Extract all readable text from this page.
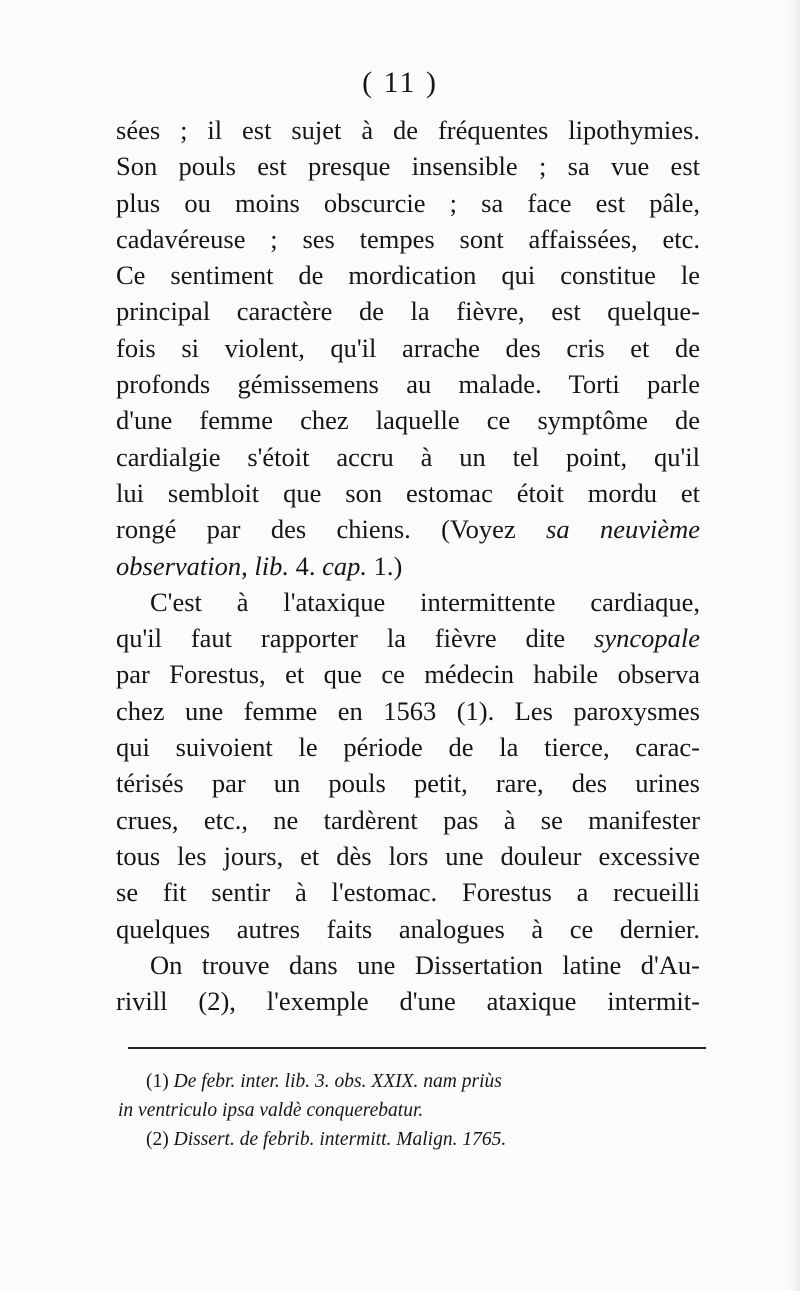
( 11 )
sées ; il est sujet à de fréquentes lipothymies.
Son pouls est presque insensible ; sa vue est
plus ou moins obscurcie ; sa face est pâle,
cadavéreuse ; ses tempes sont affaissées, etc.
Ce sentiment de mordication qui constitue le
principal caractère de la fièvre, est quelque-
fois si violent, qu'il arrache des cris et de
profonds gémissemens au malade. Torti parle
d'une femme chez laquelle ce symptôme de
cardialgie s'étoit accru à un tel point, qu'il
lui sembloit que son estomac étoit mordu et
rongé par des chiens. (Voyez sa neuvième
observation, lib. 4. cap. 1.)
C'est à l'ataxique intermittente cardiaque,
qu'il faut rapporter la fièvre dite syncopale
par Forestus, et que ce médecin habile observa
chez une femme en 1563 (1). Les paroxysmes
qui suivoient le période de la tierce, carac-
térisés par un pouls petit, rare, des urines
crues, etc., ne tardèrent pas à se manifester
tous les jours, et dès lors une douleur excessive
se fit sentir à l'estomac. Forestus a recueilli
quelques autres faits analogues à ce dernier.
On trouve dans une Dissertation latine d'Au-
rivill (2), l'exemple d'une ataxique intermit-
(1) De febr. inter. lib. 3. obs. XXIX. nam priùs
in ventriculo ipsa valdè conquerebatur.
(2) Dissert. de febrib. intermitt. Malign. 1765.
